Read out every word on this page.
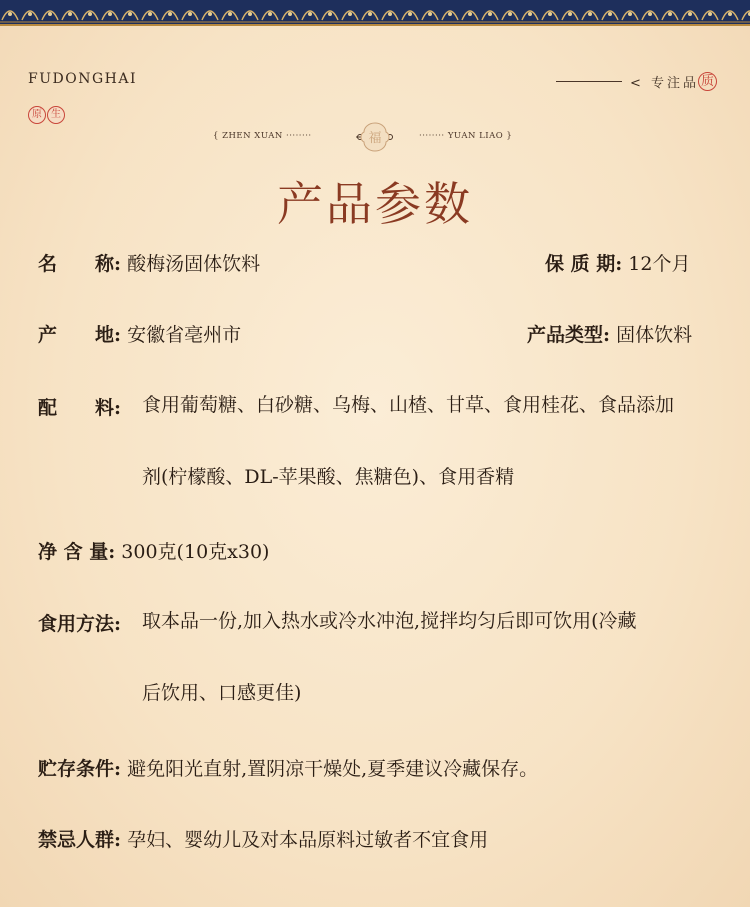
FUDONGHAI
原 生
< 专注品 质
{ ZHEN XUAN ········	福	········ YUAN LIAO }
产品参数
名　　称: 酸梅汤固体饮料	保 质 期: 12个月
产　　地: 安徽省亳州市	产品类型: 固体饮料
配　　料: 食用葡萄糖、白砂糖、乌梅、山楂、甘草、食用桂花、食品添加
剂(柠檬酸、DL-苹果酸、焦糖色)、食用香精
净 含 量: 300克(10克x30)
食用方法: 取本品一份,加入热水或冷水冲泡,搅拌均匀后即可饮用(冷藏
后饮用、口感更佳)
贮存条件: 避免阳光直射,置阴凉干燥处,夏季建议冷藏保存。
禁忌人群: 孕妇、婴幼儿及对本品原料过敏者不宜食用
